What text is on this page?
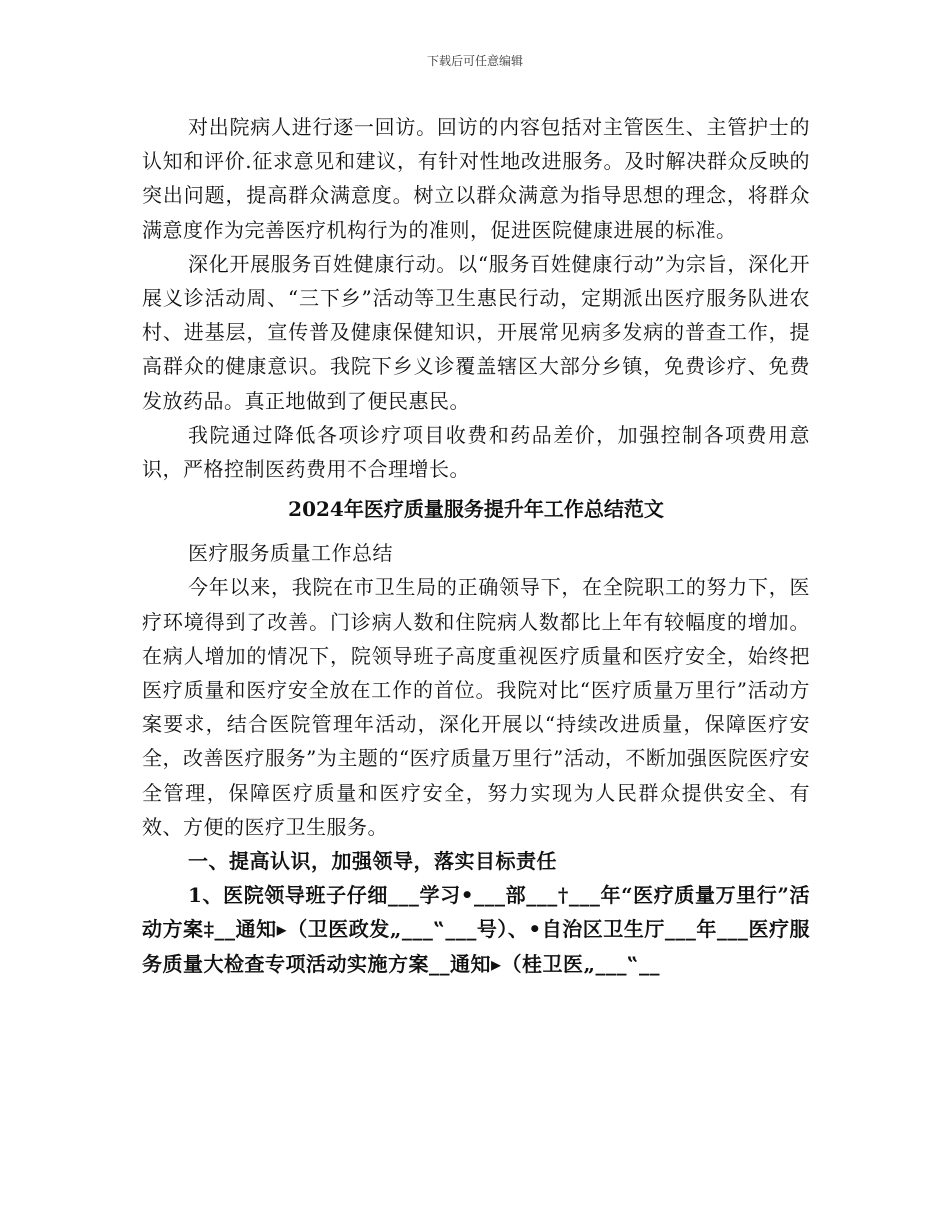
下载后可任意编辑

对出院病人进行逐一回访。回访的内容包括对主管医生、主管护士的认知和评价.征求意见和建议，有针对性地改进服务。及时解决群众反映的突出问题，提高群众满意度。树立以群众满意为指导思想的理念，将群众满意度作为完善医疗机构行为的准则，促进医院健康进展的标准。

深化开展服务百姓健康行动。以“服务百姓健康行动”为宗旨，深化开展义诊活动周、“三下乡”活动等卫生惠民行动，定期派出医疗服务队进农村、进基层，宣传普及健康保健知识，开展常见病多发病的普查工作，提高群众的健康意识。我院下乡义诊覆盖辖区大部分乡镇，免费诊疗、免费发放药品。真正地做到了便民惠民。

我院通过降低各项诊疗项目收费和药品差价，加强控制各项费用意识，严格控制医药费用不合理增长。

2024年医疗质量服务提升年工作总结范文

医疗服务质量工作总结

今年以来，我院在市卫生局的正确领导下，在全院职工的努力下，医疗环境得到了改善。门诊病人数和住院病人数都比上年有较幅度的增加。在病人增加的情况下，院领导班子高度重视医疗质量和医疗安全，始终把医疗质量和医疗安全放在工作的首位。我院对比“医疗质量万里行”活动方案要求，结合医院管理年活动，深化开展以“持续改进质量，保障医疗安全，改善医疗服务”为主题的“医疗质量万里行”活动，不断加强医院医疗安全管理，保障医疗质量和医疗安全，努力实现为人民群众提供安全、有效、方便的医疗卫生服务。

一、提高认识，加强领导，落实目标责任

1、医院领导班子仔细___学习•___部___†___年“医疗质量万里行”活动方案‡__通知▸（卫医政发„___‟___号）、•自治区卫生厅___年___医疗服务质量大检查专项活动实施方案__通知▸（桂卫医„___‟__
